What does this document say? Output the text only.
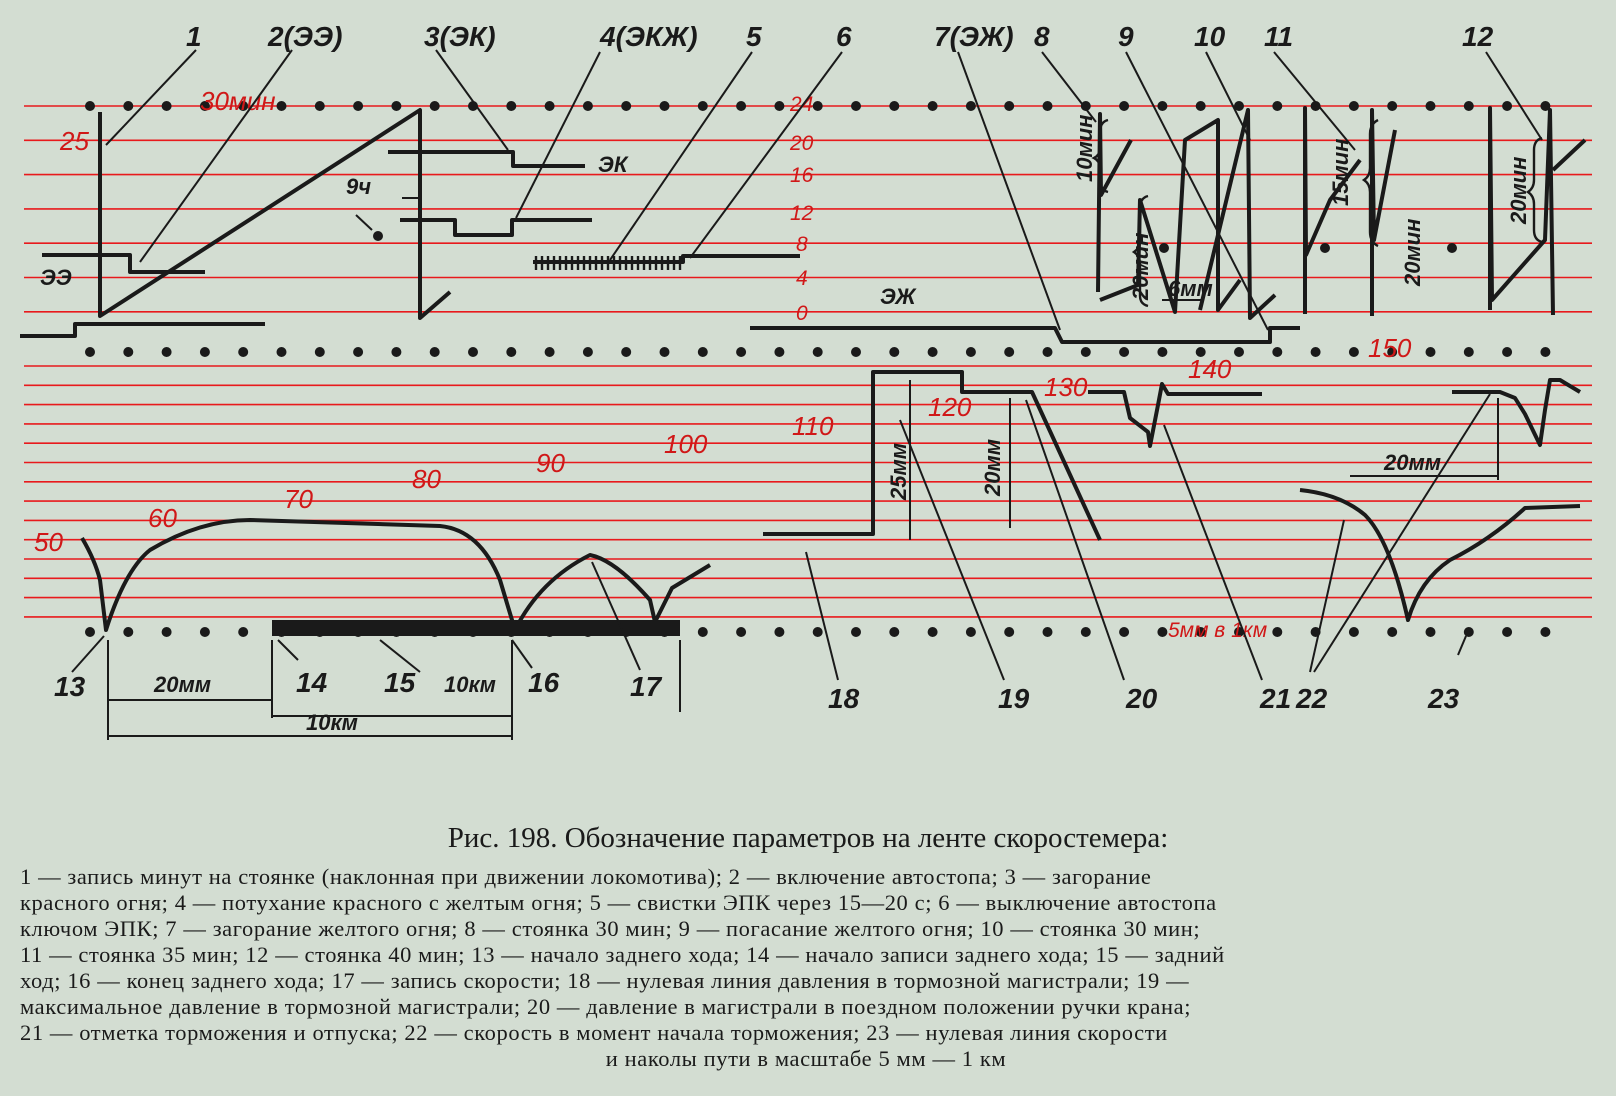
25
30мин	24
20
16
12
8
4
0
50
60
70
80
90
100
110
120
130
140
150
5мм в 1км
1 2(ЭЭ)	3(ЭК)	4(ЭКЖ) 5	6	7(ЭЖ) 8 9 10 11	12
13	14 15	16	17	18	19	20	21 22	23
ЭЭ
ЭК
ЭЖ
9ч
20мм	10км
10км
6мм
20мм
10мин
20мин
15мин
20мин
20мин
25мм	20мм
Рис. 198. Обозначение параметров на ленте скоростемера:

1 — запись минут на стоянке (наклонная при движении локомотива); 2 — включение автостопа; 3 — загорание

красного огня; 4 — потухание красного с желтым огня; 5 — свистки ЭПК через 15—20 с; 6 — выключение автостопа

ключом ЭПК; 7 — загорание желтого огня; 8 — стоянка 30 мин; 9 — погасание желтого огня; 10 — стоянка 30 мин;

11 — стоянка 35 мин; 12 — стоянка 40 мин; 13 — начало заднего хода; 14 — начало записи заднего хода; 15 — задний

ход; 16 — конец заднего хода; 17 — запись скорости; 18 — нулевая линия давления в тормозной магистрали; 19 —

максимальное давление в тормозной магистрали; 20 — давление в магистрали в поездном положении ручки крана;

21 — отметка торможения и отпуска; 22 — скорость в момент начала торможения; 23 — нулевая линия скорости

и наколы пути в масштабе 5 мм — 1 км
